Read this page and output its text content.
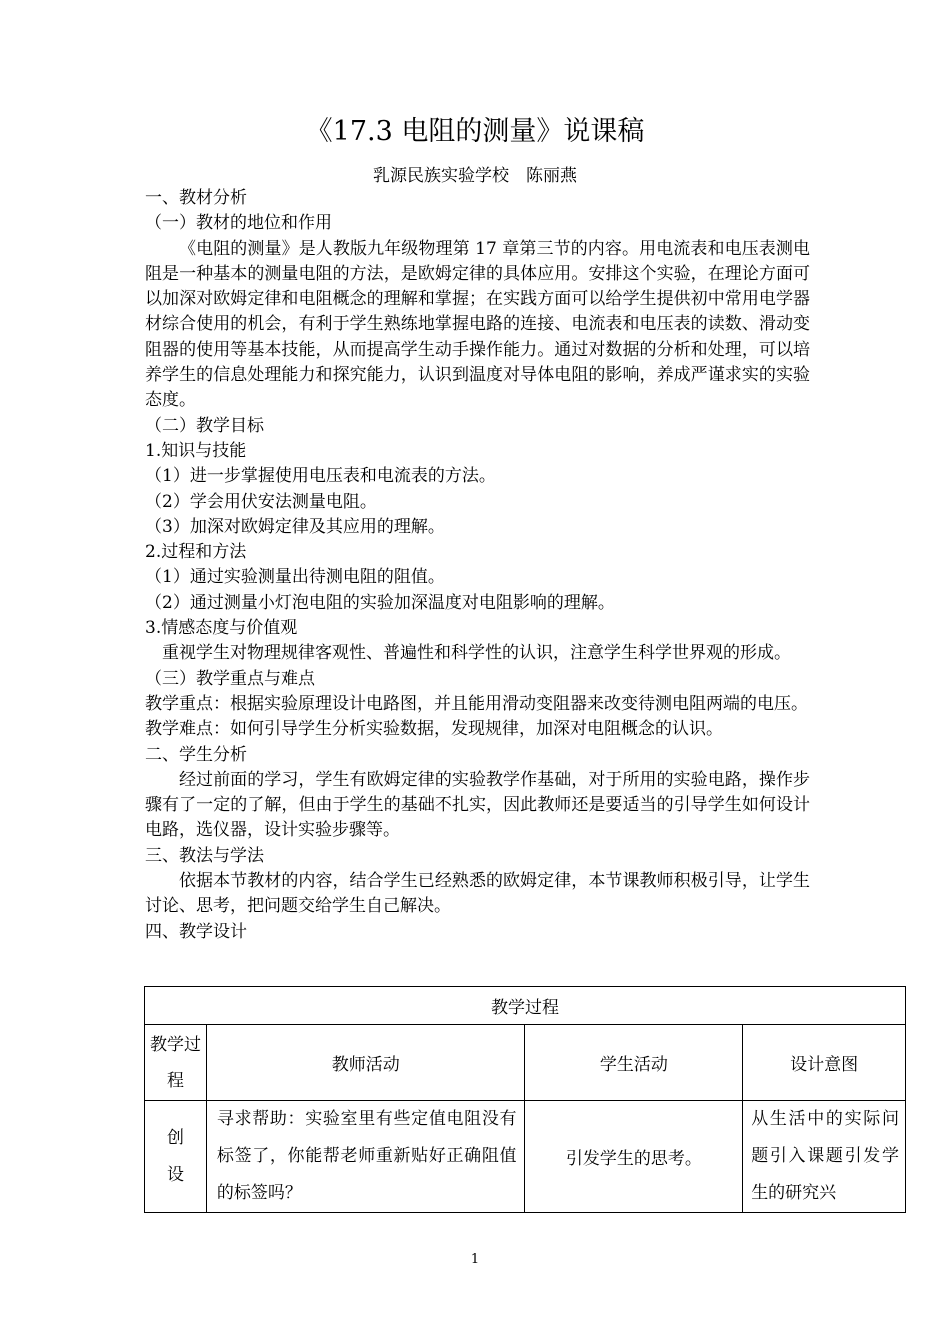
《17.3 电阻的测量》说课稿
乳源民族实验学校　陈丽燕

一、教材分析

（一）教材的地位和作用

《电阻的测量》是人教版九年级物理第 17 章第三节的内容。用电流表和电压表测电阻是一种基本的测量电阻的方法，是欧姆定律的具体应用。安排这个实验，在理论方面可以加深对欧姆定律和电阻概念的理解和掌握；在实践方面可以给学生提供初中常用电学器材综合使用的机会，有利于学生熟练地掌握电路的连接、电流表和电压表的读数、滑动变阻器的使用等基本技能，从而提高学生动手操作能力。通过对数据的分析和处理，可以培养学生的信息处理能力和探究能力，认识到温度对导体电阻的影响，养成严谨求实的实验态度。

（二）教学目标

1.知识与技能

（1）进一步掌握使用电压表和电流表的方法。

（2）学会用伏安法测量电阻。

（3）加深对欧姆定律及其应用的理解。

2.过程和方法

（1）通过实验测量出待测电阻的阻值。

（2）通过测量小灯泡电阻的实验加深温度对电阻影响的理解。

3.情感态度与价值观

重视学生对物理规律客观性、普遍性和科学性的认识，注意学生科学世界观的形成。

（三）教学重点与难点

教学重点：根据实验原理设计电路图，并且能用滑动变阻器来改变待测电阻两端的电压。

教学难点：如何引导学生分析实验数据，发现规律，加深对电阻概念的认识。

二、学生分析

经过前面的学习，学生有欧姆定律的实验教学作基础，对于所用的实验电路，操作步骤有了一定的了解，但由于学生的基础不扎实，因此教师还是要适当的引导学生如何设计电路，选仪器，设计实验步骤等。

三、教法与学法

依据本节教材的内容，结合学生已经熟悉的欧姆定律，本节课教师积极引导，让学生讨论、思考，把问题交给学生自己解决。

四、教学设计

教学过程			
教学过程	教师活动	学生活动	设计意图

创设	寻求帮助：实验室里有些定值电阻没有标签了，你能帮老师重新贴好正确阻值的标签吗？	引发学生的思考。	从生活中的实际问题引入课题引发学生的研究兴
1
